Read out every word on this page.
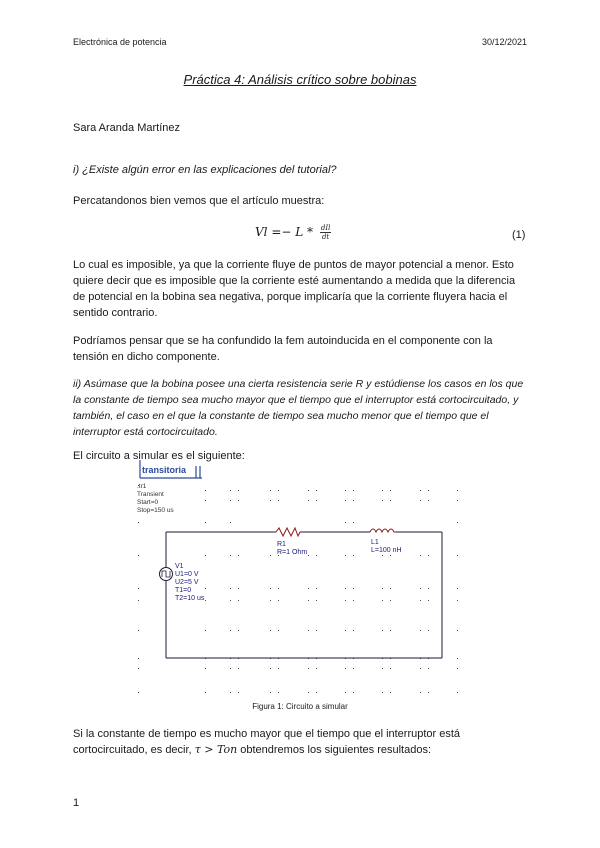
Electrónica de potencia	30/12/2021
Práctica 4: Análisis crítico sobre bobinas
Sara Aranda Martínez
i) ¿Existe algún error en las explicaciones del tutorial?
Percatandonos bien vemos que el artículo muestra:
$Vl =- L * \frac{\text{dIl}}{dt}$	(1)
Lo cual es imposible, ya que la corriente fluye de puntos de mayor potencial a menor. Esto quiere decir que es imposible que la corriente esté aumentando a medida que la diferencia de potencial en la bobina sea negativa, porque implicaría que la corriente fluyera hacia el sentido contrario.
Podríamos pensar que se ha confundido la fem autoinducida en el componente con la tensión en dicho componente.
ii) Asúmase que la bobina posee una cierta resistencia serie R y estúdiense los casos en los que la constante de tiempo sea mucho mayor que el tiempo que el interruptor está cortocircuitado, y también, el caso en el que la constante de tiempo sea mucho menor que el tiempo que el interruptor está cortocircuitado.
El circuito a simular es el siguiente:
transitoria
.tr1
Transient
Start=0
Stop=150 us
R1
R=1 Ohm
L1
L=100 nH
V1
U1=0 V
U2=5 V
T1=0
T2=10 us
Figura 1: Circuito a simular
Si la constante de tiempo es mucho mayor que el tiempo que el interruptor está cortocircuitado, es decir, τ > Ton obtendremos los siguientes resultados:
1
